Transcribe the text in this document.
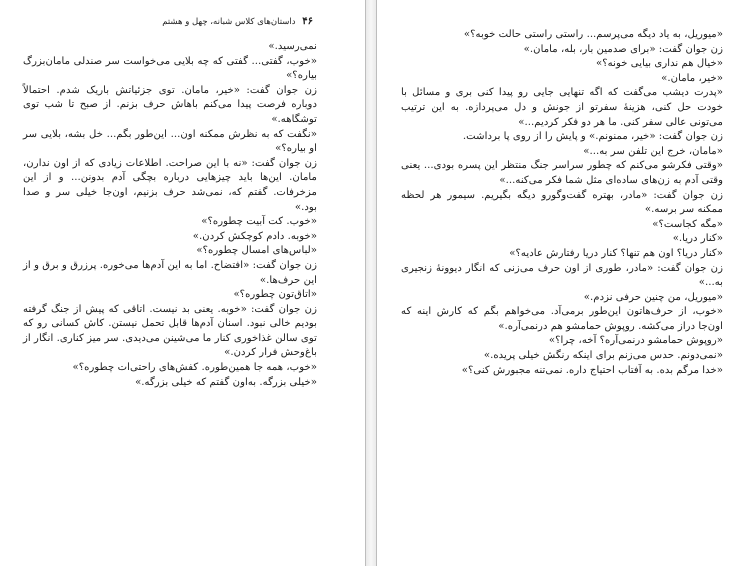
۴۶ داستان‌های کلاس شبانه، چهل و هشتم

نمی‌رسید.»

«خوب، گفتی... گفتی که چه بلایی می‌خواست سر صندلی مامان‌بزرگ بیاره؟»

زن جوان گفت: «خیر، مامان. توی جزئیاتش باریک شدم. احتمالاً دوباره فرصت پیدا می‌کنم باهاش حرف بزنم. از صبح تا شب توی توشگاهه.»

«نگفت که به نظرش ممکنه اون... این‌طور بگم... خل بشه، بلایی سر او بیاره؟»

زن جوان گفت: «نه با این صراحت. اطلاعات زیادی که از اون ندارن، مامان. این‌ها باید چیزهایی درباره بچگی آدم بدونن... و از این مزخرفات. گفتم که، نمی‌شد حرف بزنیم، اون‌جا خیلی سر و صدا بود.»

«خوب. کت آبیت چطوره؟»

«خوبه. دادم کوچکش کردن.»

«لباس‌های امسال چطوره؟»

زن جوان گفت: «افتضاح. اما به این آدم‌ها می‌خوره. پرزرق و برق و از این حرف‌ها.»

«اتاق‌تون چطوره؟»

زن جوان گفت: «خوبه. یعنی بد نیست. اتاقی که پیش از جنگ گرفته بودیم خالی نبود. اسنان آدم‌ها قابل تحمل نیستن. کاش کسانی رو که توی سالن غذاخوری کنار ما می‌شینن می‌دیدی. سر میز کناری. انگار از باغ‌وحش فرار کردن.»

«خوب، همه جا همین‌طوره. کفش‌های راحتی‌ات چطوره؟»

«خیلی بزرگه. به‌اون گفتم که خیلی بزرگه.»

«میوریل، به یاد دیگه می‌پرسم... راستی راستی حالت خوبه؟»

زن جوان گفت: «برای صدمین بار، بله، مامان.»

«خیال هم نداری بیایی خونه؟»

«خیر، مامان.»

«پدرت دیشب می‌گفت که اگه تنهایی جایی رو پیدا کنی بری و مسائل با خودت حل کنی، هزینهٔ سفرتو از جونش و دل می‌پردازه. به این ترتیب می‌تونی عالی سفر کنی. ما هر دو فکر کردیم...»

زن جوان گفت: «خیر، ممنونم.» و پایش را از روی پا برداشت.

«مامان، خرج این تلفن سر به...»

«وقتی فکرشو می‌کنم که چطور سراسر جنگ منتظر این پسره بودی... یعنی وقتی آدم به زن‌های ساده‌ای مثل شما فکر می‌کنه...»

زن جوان گفت: «مادر، بهتره گفت‌وگورو دیگه بگیریم. سیمور هر لحظه ممکنه سر برسه.»

«مگه کجاست؟»

«کنار دریا.»

«کنار دریا؟ اون هم تنها؟ کنار دریا رفتارش عادیه؟»

زن جوان گفت: «مادر، طوری از اون حرف می‌زنی که انگار دیوونهٔ زنجیری به...»

«میوریل، من چنین حرفی نزدم.»

«خوب، از حرف‌هاتون این‌طور برمی‌آد. می‌خواهم بگم که کارش اینه که اون‌جا دراز می‌کشه. روپوش حمامشو هم درنمی‌آره.»

«روپوش حمامشو درنمی‌آره؟ آخه، چرا؟»

«نمی‌دونم. حدس می‌زنم برای اینکه رنگش خیلی پریده.»

«خدا مرگم بده. به آفتاب احتیاج داره. نمی‌تنه مجبورش کنی؟»
